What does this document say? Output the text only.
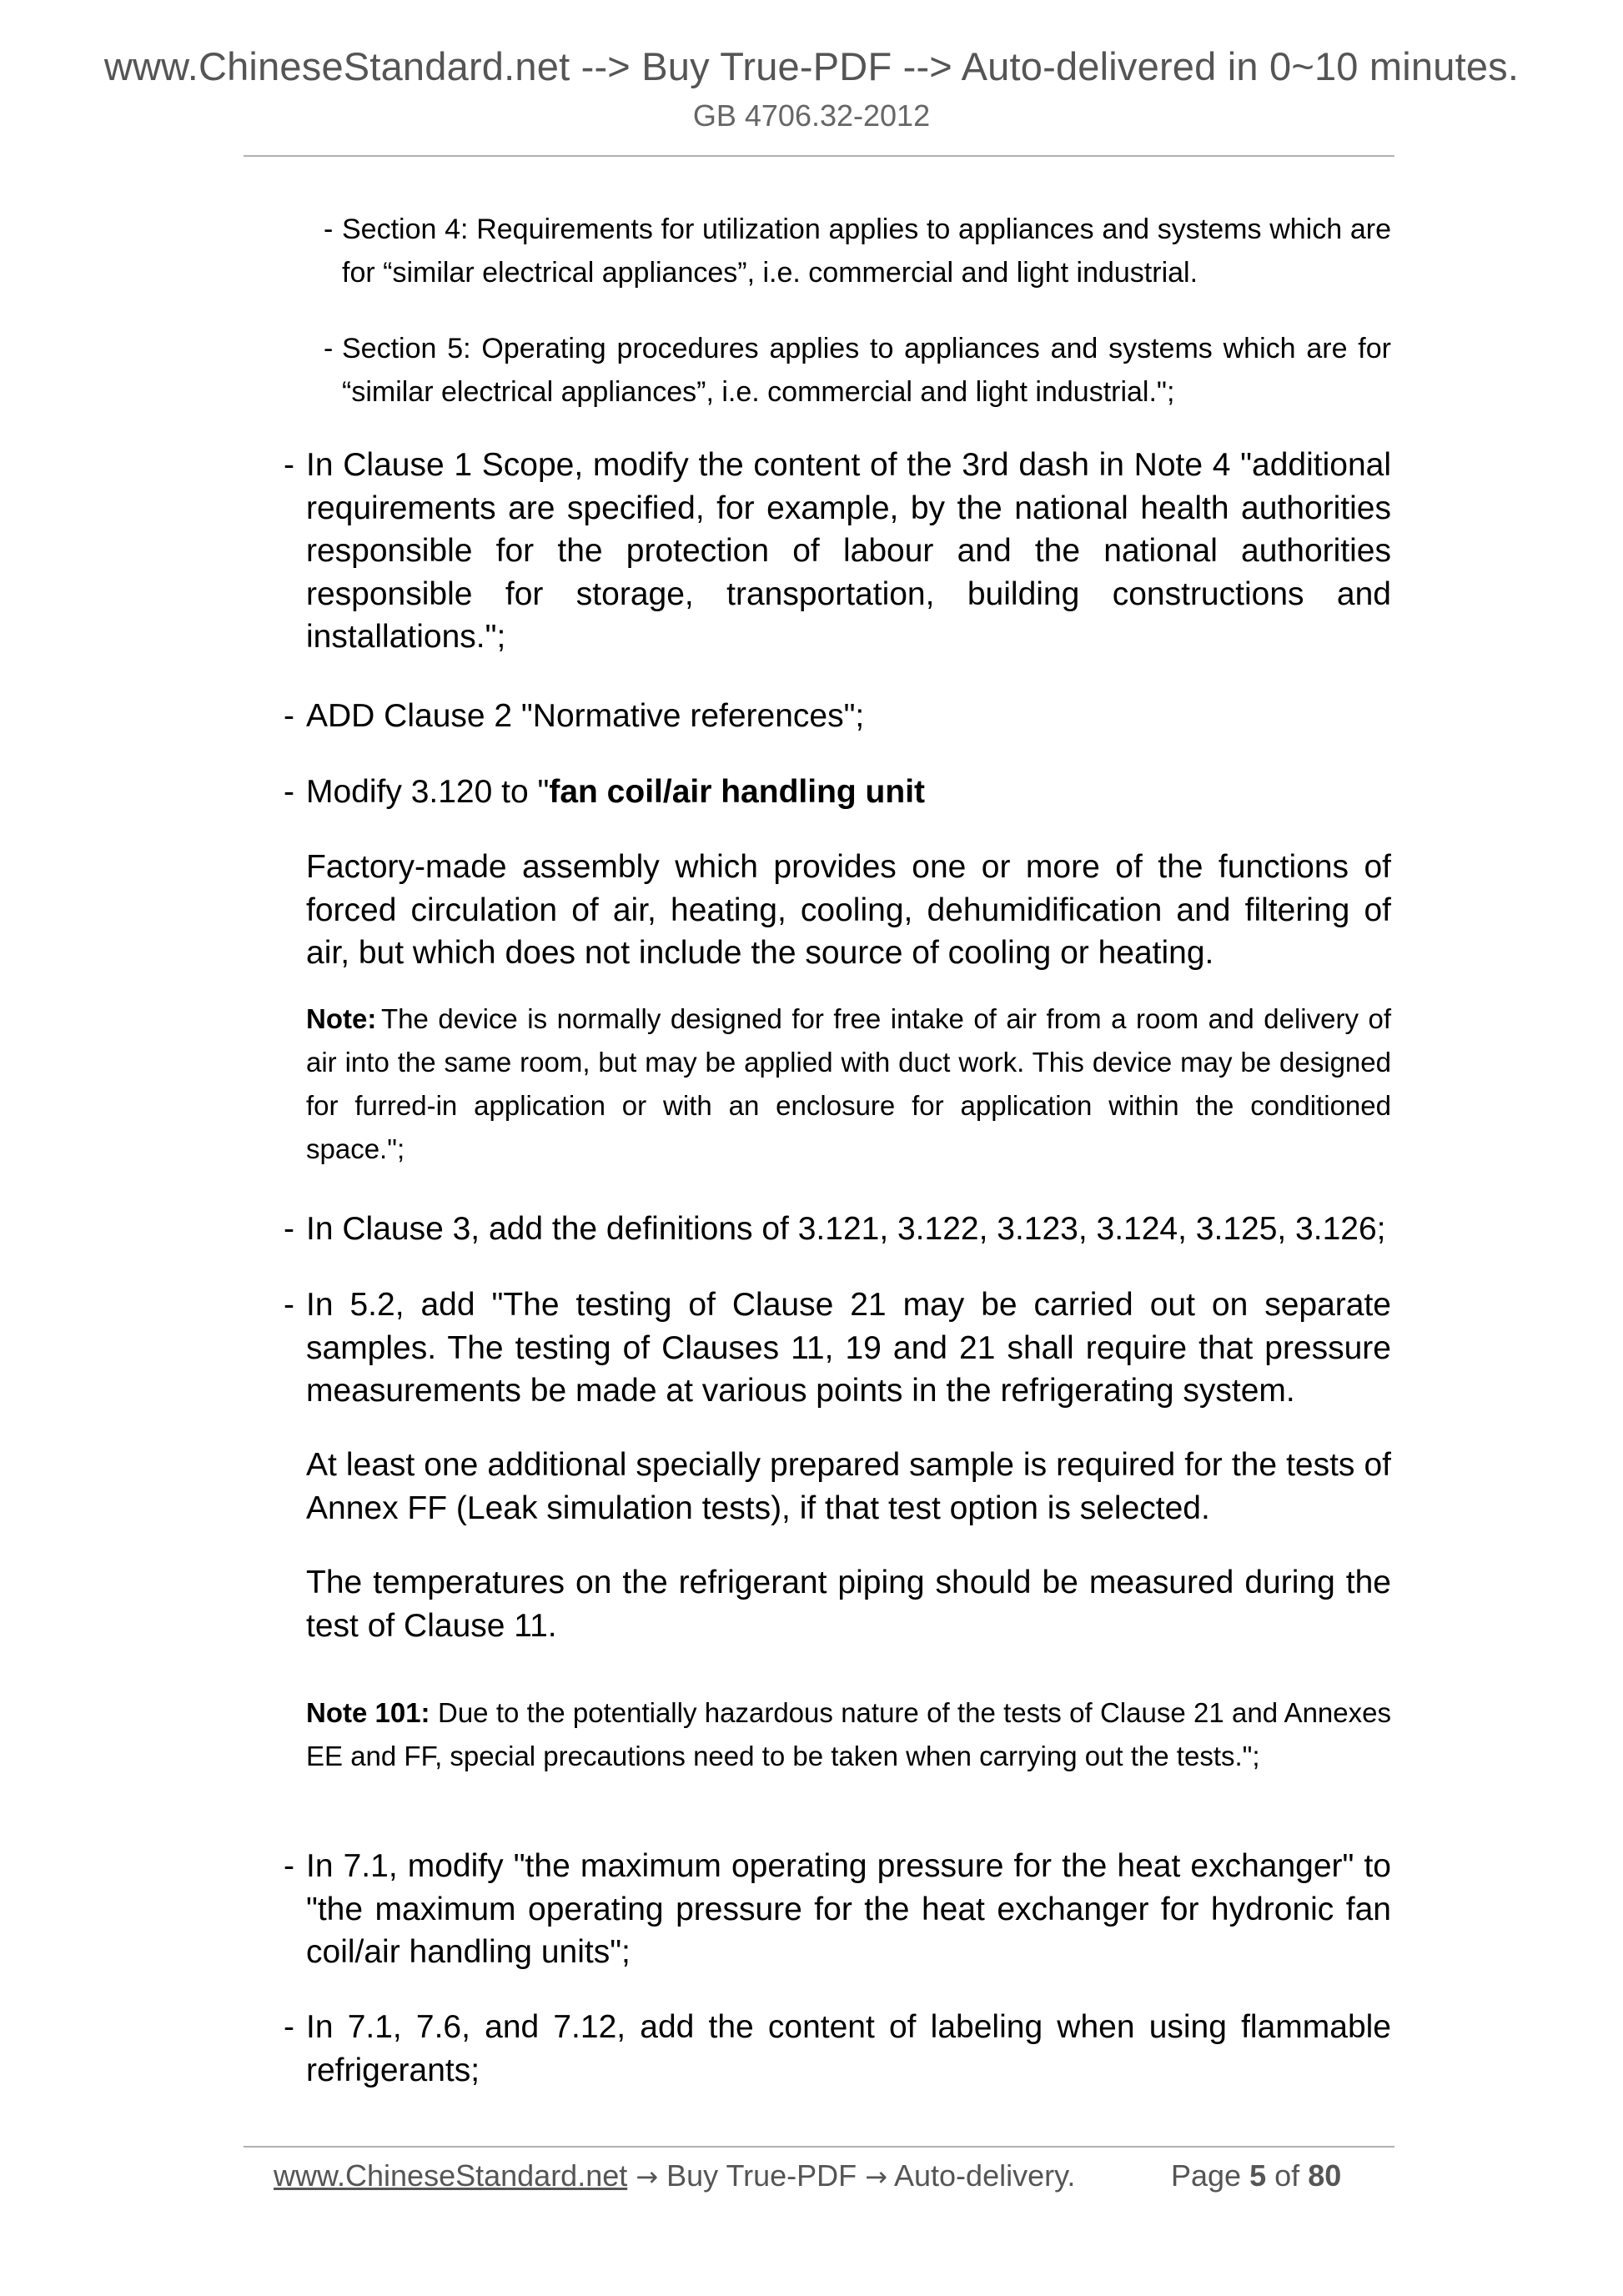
www.ChineseStandard.net --> Buy True-PDF --> Auto-delivered in 0~10 minutes.
GB 4706.32-2012
- Section 4: Requirements for utilization applies to appliances and systems which are for “similar electrical appliances”, i.e. commercial and light industrial.
- Section 5: Operating procedures applies to appliances and systems which are for “similar electrical appliances”, i.e. commercial and light industrial.";
- In Clause 1 Scope, modify the content of the 3rd dash in Note 4 "additional requirements are specified, for example, by the national health authorities responsible for the protection of labour and the national authorities responsible for storage, transportation, building constructions and installations.";
- ADD Clause 2 "Normative references";
- Modify 3.120 to "fan coil/air handling unit
Factory-made assembly which provides one or more of the functions of forced circulation of air, heating, cooling, dehumidification and filtering of air, but which does not include the source of cooling or heating.
Note: The device is normally designed for free intake of air from a room and delivery of air into the same room, but may be applied with duct work. This device may be designed for furred-in application or with an enclosure for application within the conditioned space.";
- In Clause 3, add the definitions of 3.121, 3.122, 3.123, 3.124, 3.125, 3.126;
- In 5.2, add "The testing of Clause 21 may be carried out on separate samples. The testing of Clauses 11, 19 and 21 shall require that pressure measurements be made at various points in the refrigerating system.
At least one additional specially prepared sample is required for the tests of Annex FF (Leak simulation tests), if that test option is selected.
The temperatures on the refrigerant piping should be measured during the test of Clause 11.
Note 101: Due to the potentially hazardous nature of the tests of Clause 21 and Annexes EE and FF, special precautions need to be taken when carrying out the tests.";
- In 7.1, modify "the maximum operating pressure for the heat exchanger" to "the maximum operating pressure for the heat exchanger for hydronic fan coil/air handling units";
- In 7.1, 7.6, and 7.12, add the content of labeling when using flammable refrigerants;
www.ChineseStandard.net → Buy True-PDF → Auto-delivery.	Page 5 of 80
